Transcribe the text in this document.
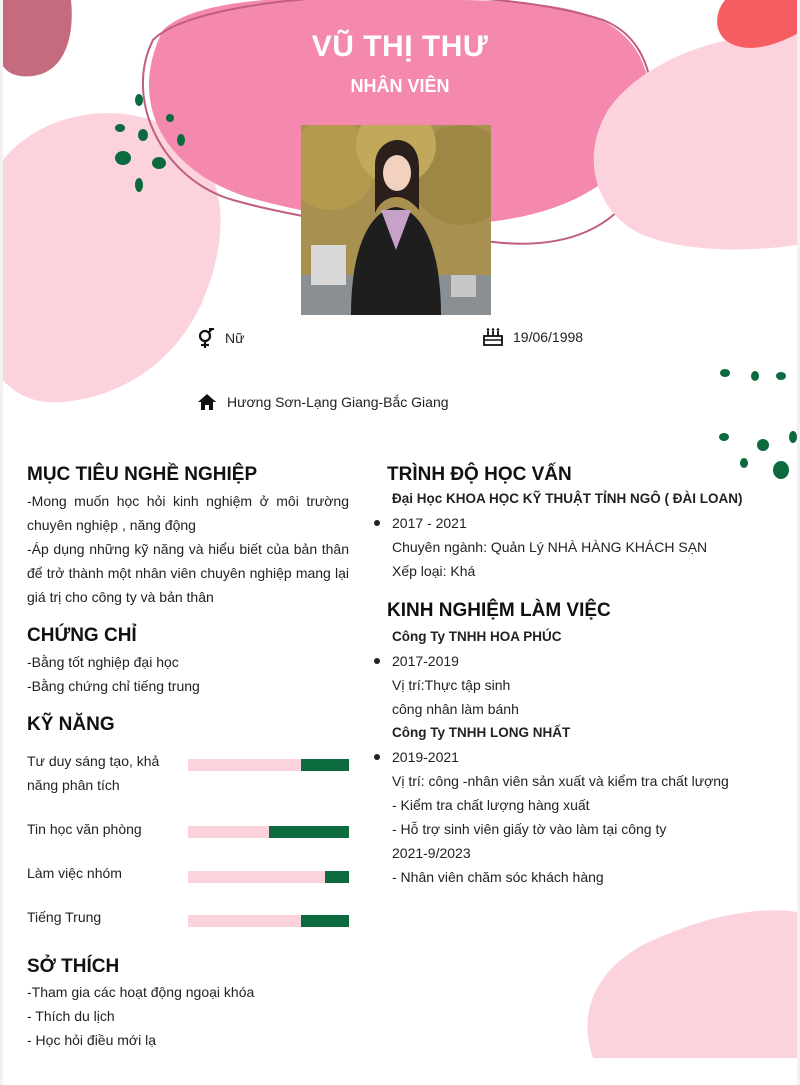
VŨ THỊ THƯ
NHÂN VIÊN
Nữ	19/06/1998
Hương Sơn-Lạng Giang-Bắc Giang
MỤC TIÊU NGHỀ NGHIỆP
-Mong muốn học hỏi kinh nghiệm ở môi trường
chuyên nghiệp , năng động
-Áp dụng những kỹ năng và hiểu biết của bản thân
để trở thành một nhân viên chuyên nghiệp mang lại
giá trị cho công ty và bản thân
CHỨNG CHỈ
-Bằng tốt nghiệp đại học
-Bằng chứng chỉ tiếng trung
KỸ NĂNG
Tư duy sáng tạo, khả năng phân tích
Tin học văn phòng
Làm việc nhóm
Tiếng Trung
SỞ THÍCH
-Tham gia các hoạt động ngoại khóa
- Thích du lịch
- Học hỏi điều mới lạ
TRÌNH ĐỘ HỌC VẤN
Đại Học KHOA HỌC KỸ THUẬT TỈNH NGÔ ( ĐÀI LOAN)
2017 - 2021
Chuyên ngành: Quản Lý NHÀ HÀNG KHÁCH SẠN
Xếp loại: Khá
KINH NGHIỆM LÀM VIỆC
Công Ty TNHH HOA PHÚC
2017-2019
Vị trí:Thực tập sinh
công nhân làm bánh
Công Ty TNHH LONG NHẤT
2019-2021
Vị trí: công -nhân viên sản xuất và kiểm tra chất lượng
- Kiểm tra chất lượng hàng xuất
- Hỗ trợ sinh viên giấy tờ vào làm tại công ty
2021-9/2023
- Nhân viên chăm sóc khách hàng
